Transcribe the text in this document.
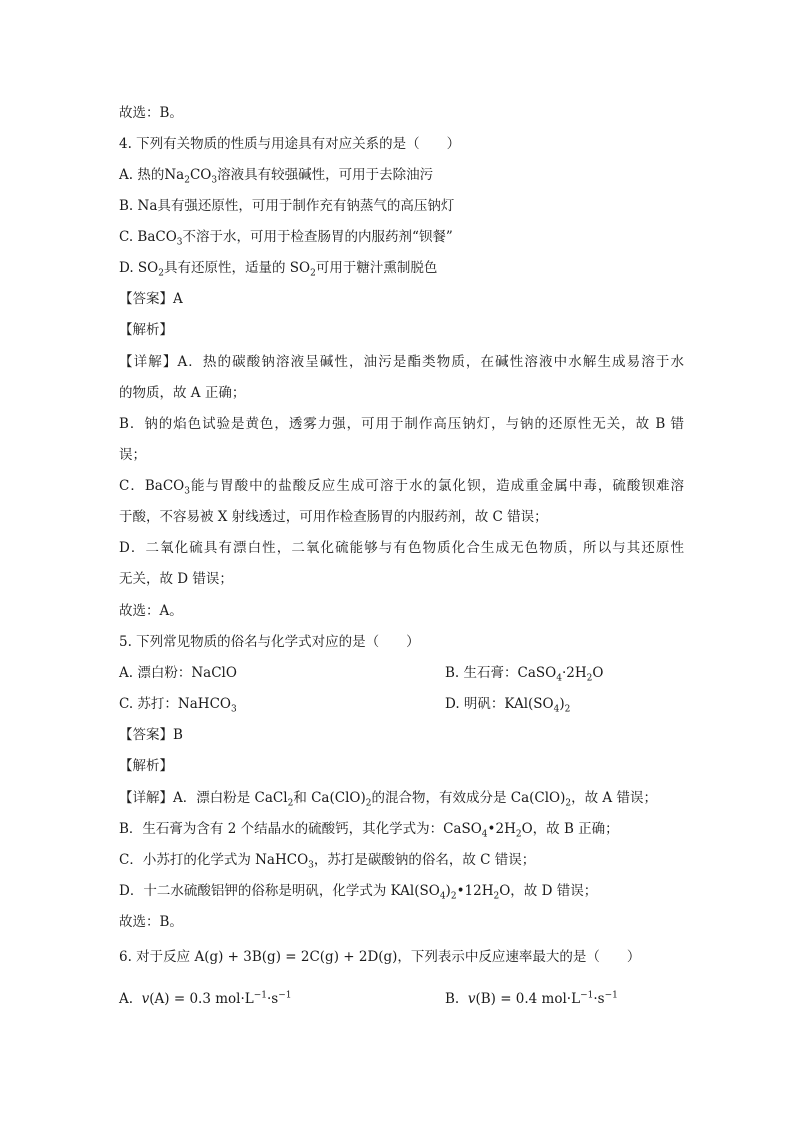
故选：B。
4. 下列有关物质的性质与用途具有对应关系的是（　　）
A. 热的$Na_2CO_3$溶液具有较强碱性，可用于去除油污
B. Na具有强还原性，可用于制作充有钠蒸气的高压钠灯
C. BaCO$_3$不溶于水，可用于检查肠胃的内服药剂“钡餐”
D. $SO_2$具有还原性，适量的 $SO_2$可用于糖汁熏制脱色
【答案】A
【解析】
【详解】A．热的碳酸钠溶液呈碱性，油污是酯类物质，在碱性溶液中水解生成易溶于水
的物质，故 A 正确；
B．钠的焰色试验是黄色，透雾力强，可用于制作高压钠灯，与钠的还原性无关，故 B 错
误；
C．BaCO$_3$能与胃酸中的盐酸反应生成可溶于水的氯化钡，造成重金属中毒，硫酸钡难溶
于酸，不容易被 X 射线透过，可用作检查肠胃的内服药剂，故 C 错误；
D．二氧化硫具有漂白性，二氧化硫能够与有色物质化合生成无色物质，所以与其还原性
无关，故 D 错误；
故选：A。
5. 下列常见物质的俗名与化学式对应的是（　　）
A. 漂白粉：NaClO	B. 生石膏：$CaSO_4\cdot 2H_2O$
C. 苏打：NaHCO$_3$	D. 明矾：$KAl(SO_4)_2$
【答案】B
【解析】
【详解】A．漂白粉是 CaCl$_2$和 $Ca(ClO)_2$的混合物，有效成分是 $Ca(ClO)_2$，故 A 错误；
B．生石膏为含有 2 个结晶水的硫酸钙，其化学式为：$CaSO_4•2H_2O$，故 B 正确；
C．小苏打的化学式为 NaHCO$_3$，苏打是碳酸钠的俗名，故 C 错误；
D．十二水硫酸铝钾的俗称是明矾，化学式为 $KAl(SO_4)_2•12H_2O$，故 D 错误；
故选：B。
6. 对于反应 A(g) + 3B(g) = 2C(g) + 2D(g)，下列表示中反应速率最大的是（　　）
A. v(A) = 0.3 $mol\cdot L^{-1}\cdot s^{-1}$	B. v(B) = 0.4 $mol\cdot L^{-1}\cdot s^{-1}$
